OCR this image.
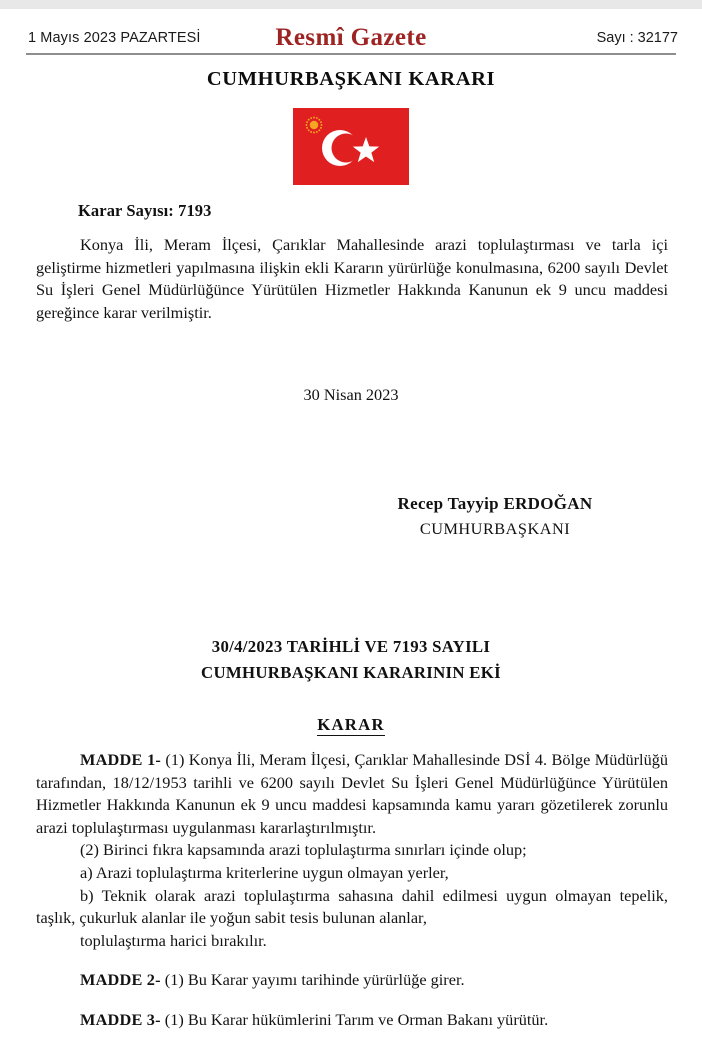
1 Mayıs 2023 PAZARTESİ	Resmî Gazete	Sayı : 32177
CUMHURBAŞKANI KARARI
Karar Sayısı: 7193
Konya İli, Meram İlçesi, Çarıklar Mahallesinde arazi toplulaştırması ve tarla içi geliştirme hizmetleri yapılmasına ilişkin ekli Kararın yürürlüğe konulmasına, 6200 sayılı Devlet Su İşleri Genel Müdürlüğünce Yürütülen Hizmetler Hakkında Kanunun ek 9 uncu maddesi gereğince karar verilmiştir.
30 Nisan 2023
Recep Tayyip ERDOĞAN
CUMHURBAŞKANI
30/4/2023 TARİHLİ VE 7193 SAYILI
CUMHURBAŞKANI KARARININ EKİ
KARAR

MADDE 1- (1) Konya İli, Meram İlçesi, Çarıklar Mahallesinde DSİ 4. Bölge Müdürlüğü tarafından, 18/12/1953 tarihli ve 6200 sayılı Devlet Su İşleri Genel Müdürlüğünce Yürütülen Hizmetler Hakkında Kanunun ek 9 uncu maddesi kapsamında kamu yararı gözetilerek zorunlu arazi toplulaştırması uygulanması kararlaştırılmıştır.

(2) Birinci fıkra kapsamında arazi toplulaştırma sınırları içinde olup;
a) Arazi toplulaştırma kriterlerine uygun olmayan yerler,

b) Teknik olarak arazi toplulaştırma sahasına dahil edilmesi uygun olmayan tepelik, taşlık, çukurluk alanlar ile yoğun sabit tesis bulunan alanlar,

toplulaştırma harici bırakılır.

MADDE 2- (1) Bu Karar yayımı tarihinde yürürlüğe girer.

MADDE 3- (1) Bu Karar hükümlerini Tarım ve Orman Bakanı yürütür.
